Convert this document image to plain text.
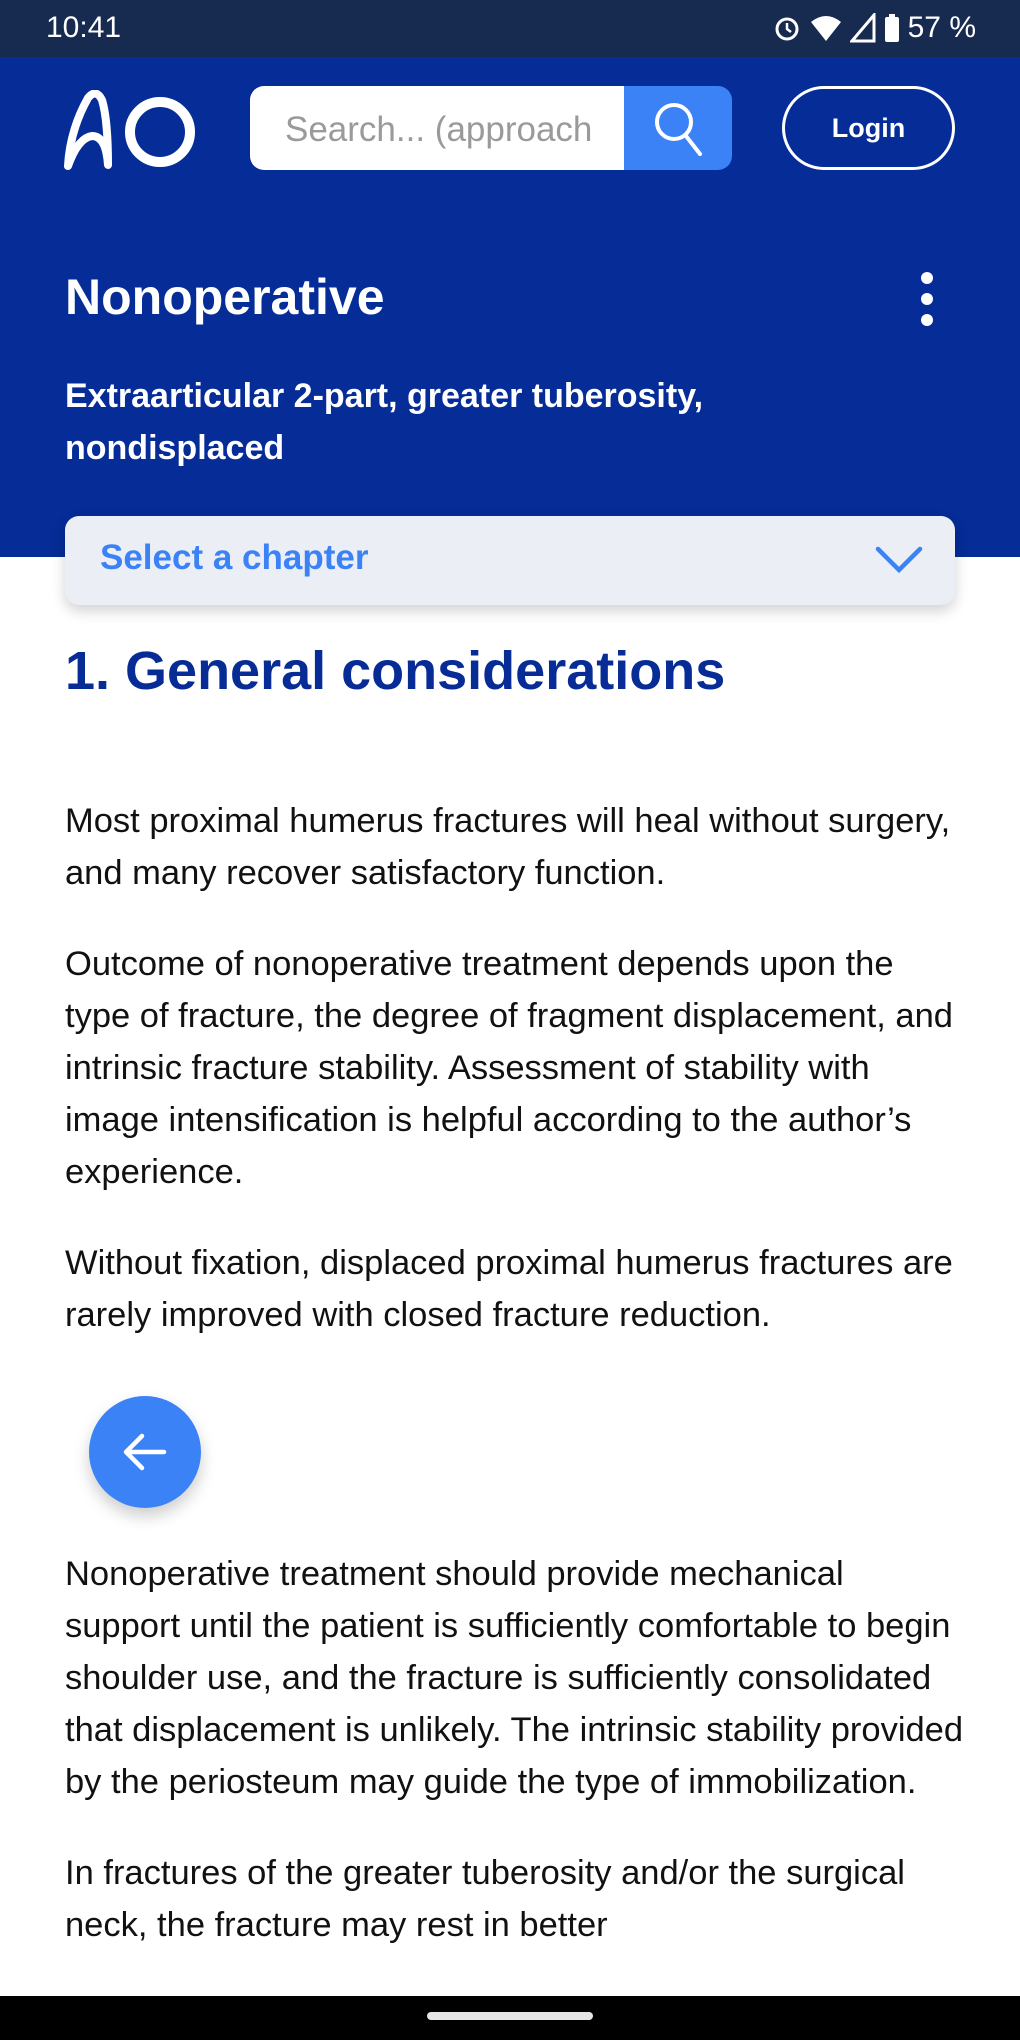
10:41	57 %
Search... (approach	Login
Nonoperative
Extraarticular 2-part, greater tuberosity, nondisplaced
Select a chapter
1. General considerations

Most proximal humerus fractures will heal without surgery, and many recover satisfactory function.

Outcome of nonoperative treatment depends upon the type of fracture, the degree of fragment displacement, and intrinsic fracture stability. Assessment of stability with image intensification is helpful according to the author’s experience.

Without fixation, displaced proximal humerus fractures are rarely improved with closed fracture reduction.

Nonoperative treatment should provide mechanical support until the patient is sufficiently comfortable to begin shoulder use, and the fracture is sufficiently consolidated that displacement is unlikely. The intrinsic stability provided by the periosteum may guide the type of immobilization.

In fractures of the greater tuberosity and/or the surgical neck, the fracture may rest in better
